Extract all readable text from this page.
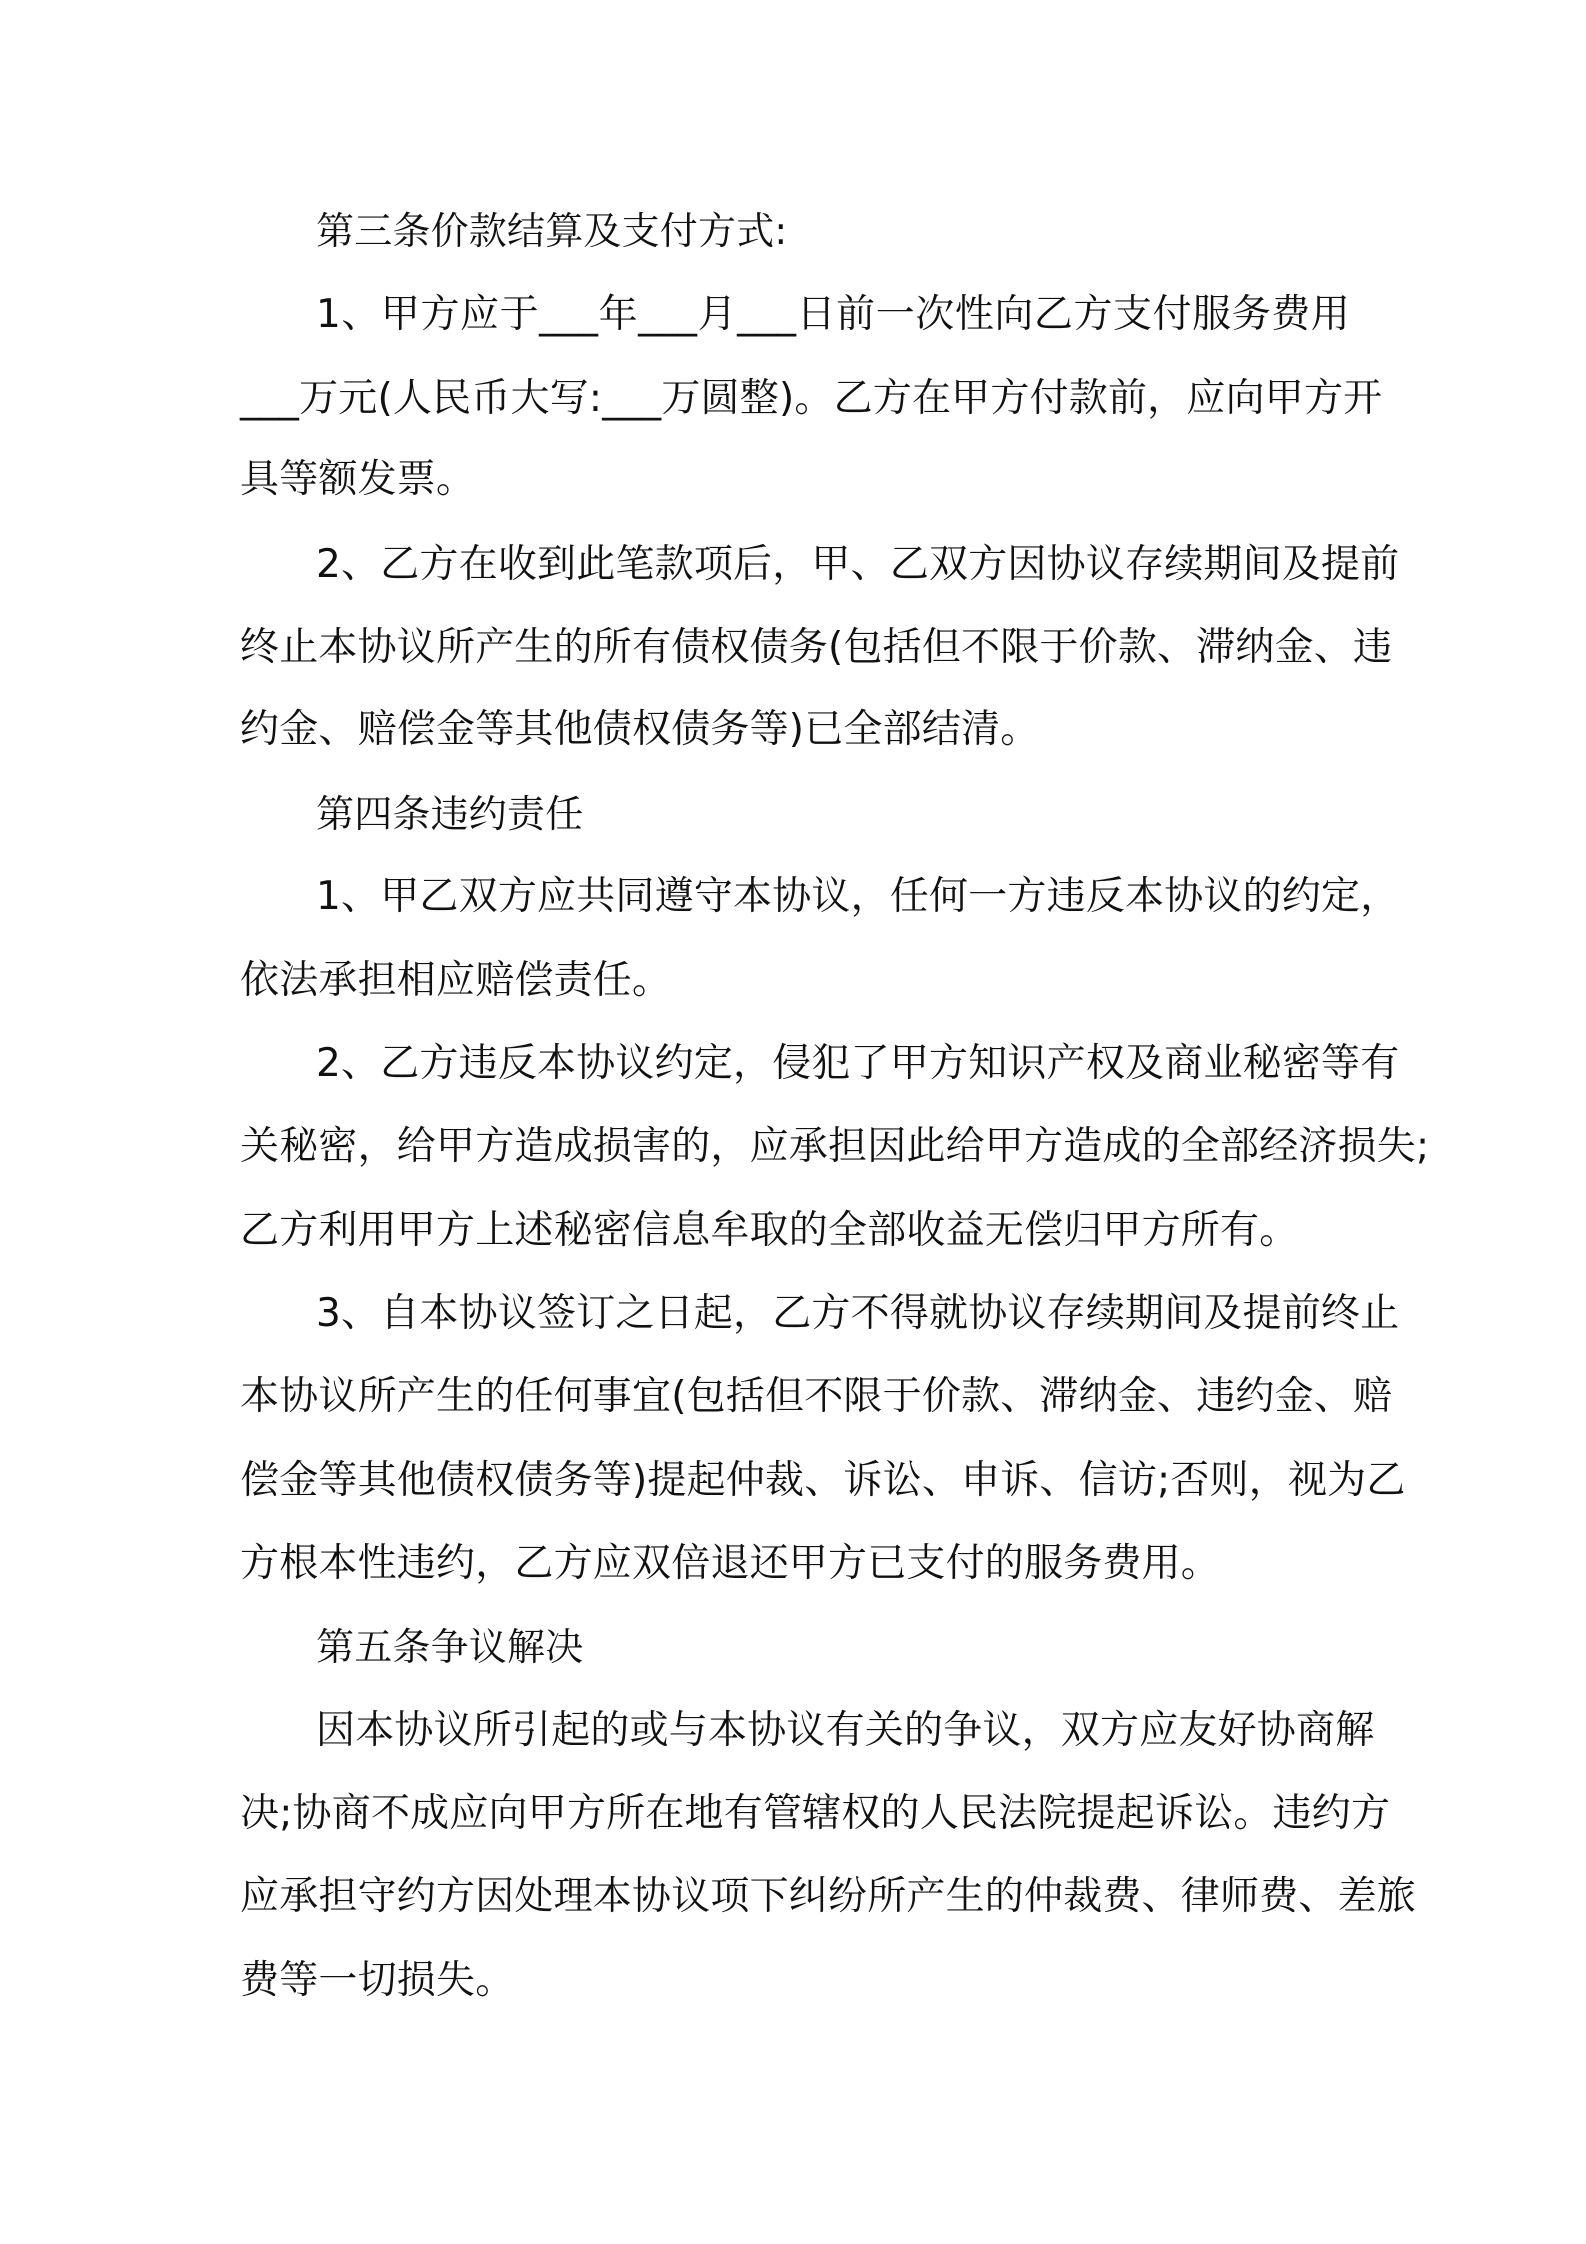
第三条价款结算及支付方式:
1、甲方应于___年___月___日前一次性向乙方支付服务费用
___万元(人民币大写:___万圆整)。乙方在甲方付款前，应向甲方开
具等额发票。
2、乙方在收到此笔款项后，甲、乙双方因协议存续期间及提前
终止本协议所产生的所有债权债务(包括但不限于价款、滞纳金、违
约金、赔偿金等其他债权债务等)已全部结清。
第四条违约责任
1、甲乙双方应共同遵守本协议，任何一方违反本协议的约定，
依法承担相应赔偿责任。
2、乙方违反本协议约定，侵犯了甲方知识产权及商业秘密等有
关秘密，给甲方造成损害的，应承担因此给甲方造成的全部经济损失;
乙方利用甲方上述秘密信息牟取的全部收益无偿归甲方所有。
3、自本协议签订之日起，乙方不得就协议存续期间及提前终止
本协议所产生的任何事宜(包括但不限于价款、滞纳金、违约金、赔
偿金等其他债权债务等)提起仲裁、诉讼、申诉、信访;否则，视为乙
方根本性违约，乙方应双倍退还甲方已支付的服务费用。
第五条争议解决
因本协议所引起的或与本协议有关的争议，双方应友好协商解
决;协商不成应向甲方所在地有管辖权的人民法院提起诉讼。违约方
应承担守约方因处理本协议项下纠纷所产生的仲裁费、律师费、差旅
费等一切损失。
